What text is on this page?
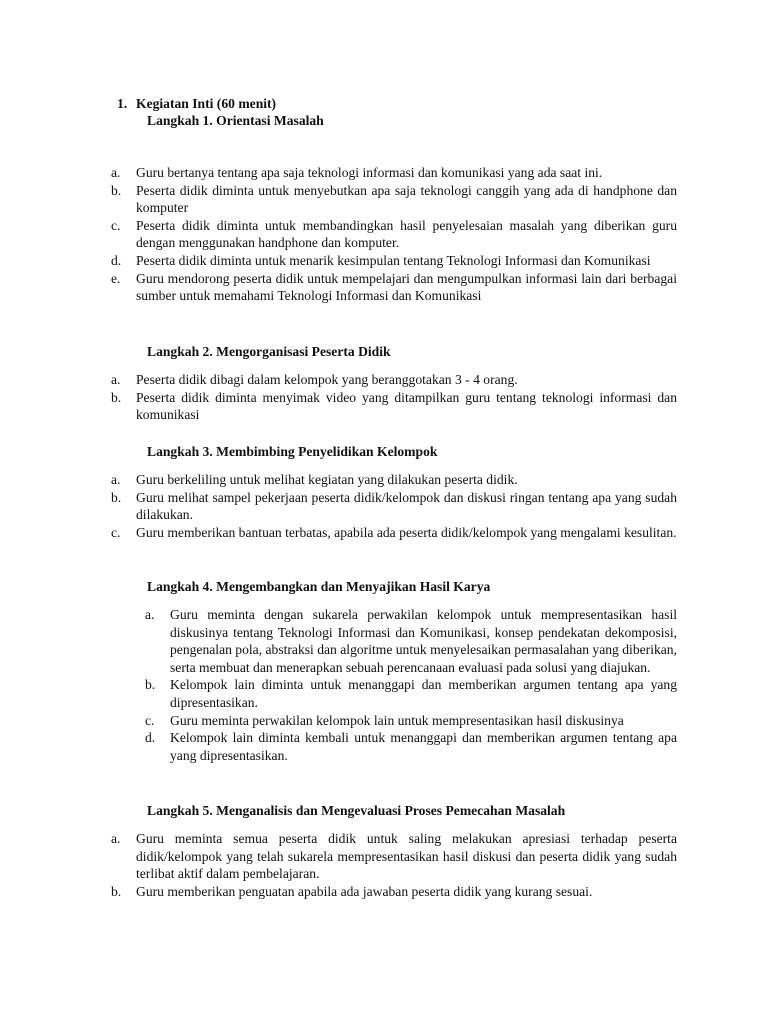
1. Kegiatan Inti (60 menit)
Langkah 1. Orientasi Masalah
a.	Guru bertanya tentang apa saja teknologi informasi dan komunikasi yang ada saat ini.
b.	Peserta didik diminta untuk menyebutkan apa saja teknologi canggih yang ada di handphone dan komputer
c.	Peserta didik diminta untuk membandingkan hasil penyelesaian masalah yang diberikan guru dengan menggunakan handphone dan komputer.
d.	Peserta didik diminta untuk menarik kesimpulan tentang Teknologi Informasi dan Komunikasi
e.	Guru mendorong peserta didik untuk mempelajari dan mengumpulkan informasi lain dari berbagai sumber untuk memahami Teknologi Informasi dan Komunikasi
Langkah 2. Mengorganisasi Peserta Didik
a.	Peserta didik dibagi dalam kelompok yang beranggotakan 3 - 4 orang.
b.	Peserta didik diminta menyimak video yang ditampilkan guru tentang teknologi informasi dan komunikasi
Langkah 3. Membimbing Penyelidikan Kelompok
a.	Guru berkeliling untuk melihat kegiatan yang dilakukan peserta didik.
b.	Guru melihat sampel pekerjaan peserta didik/kelompok dan diskusi ringan tentang apa yang sudah dilakukan.
c.	Guru memberikan bantuan terbatas, apabila ada peserta didik/kelompok yang mengalami kesulitan.
Langkah 4. Mengembangkan dan Menyajikan Hasil Karya
a.	Guru meminta dengan sukarela perwakilan kelompok untuk mempresentasikan hasil diskusinya tentang Teknologi Informasi dan Komunikasi, konsep pendekatan dekomposisi, pengenalan pola, abstraksi dan algoritme untuk menyelesaikan permasalahan yang diberikan, serta membuat dan menerapkan sebuah perencanaan evaluasi pada solusi yang diajukan.
b.	Kelompok lain diminta untuk menanggapi dan memberikan argumen tentang apa yang dipresentasikan.
c.	Guru meminta perwakilan kelompok lain untuk mempresentasikan hasil diskusinya
d.	Kelompok lain diminta kembali untuk menanggapi dan memberikan argumen tentang apa yang dipresentasikan.
Langkah 5. Menganalisis dan Mengevaluasi Proses Pemecahan Masalah
a.	Guru meminta semua peserta didik untuk saling melakukan apresiasi terhadap peserta didik/kelompok yang telah sukarela mempresentasikan hasil diskusi dan peserta didik yang sudah terlibat aktif dalam pembelajaran.
b.	Guru memberikan penguatan apabila ada jawaban peserta didik yang kurang sesuai.
